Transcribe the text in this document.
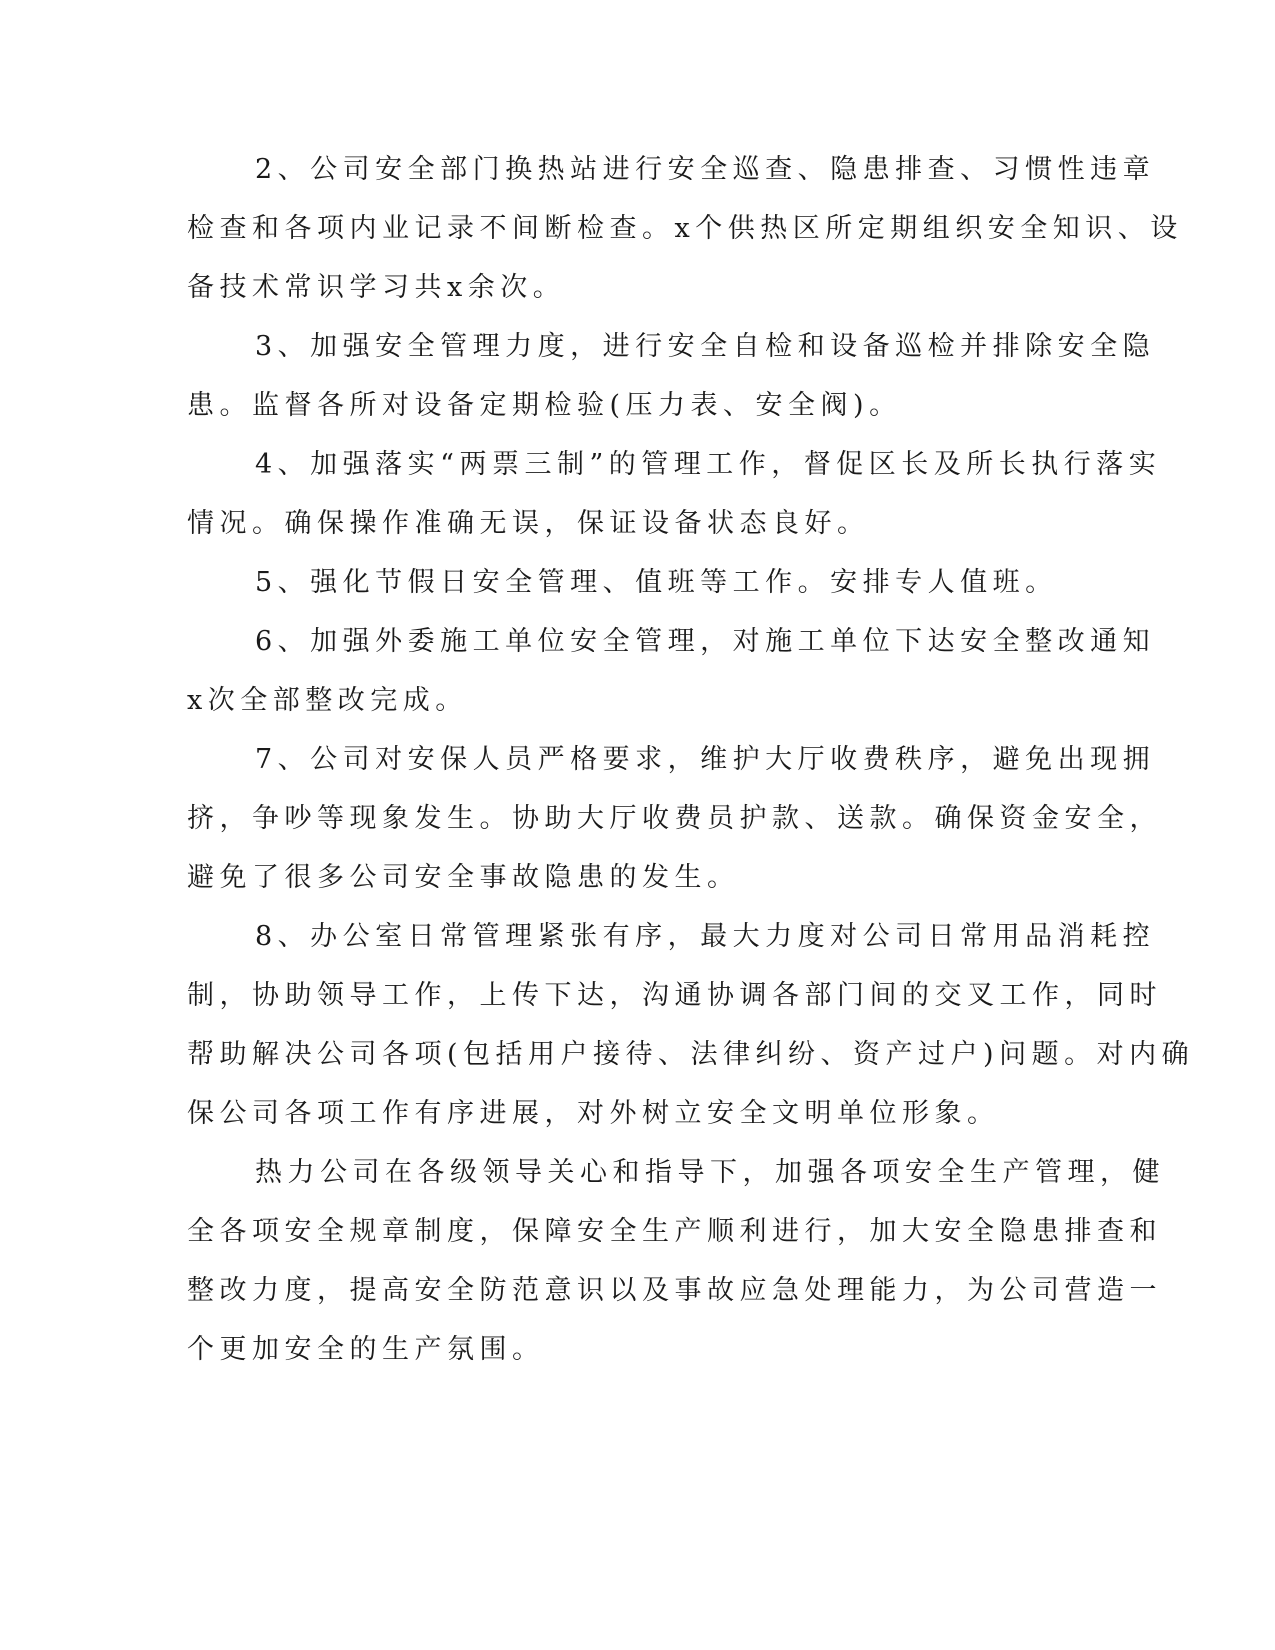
2、公司安全部门换热站进行安全巡查、隐患排查、习惯性违章
检查和各项内业记录不间断检查。x个供热区所定期组织安全知识、设
备技术常识学习共x余次。
3、加强安全管理力度，进行安全自检和设备巡检并排除安全隐
患。监督各所对设备定期检验(压力表、安全阀)。
4、加强落实“两票三制”的管理工作，督促区长及所长执行落实
情况。确保操作准确无误，保证设备状态良好。
5、强化节假日安全管理、值班等工作。安排专人值班。
6、加强外委施工单位安全管理，对施工单位下达安全整改通知
x次全部整改完成。
7、公司对安保人员严格要求，维护大厅收费秩序，避免出现拥
挤，争吵等现象发生。协助大厅收费员护款、送款。确保资金安全，
避免了很多公司安全事故隐患的发生。
8、办公室日常管理紧张有序，最大力度对公司日常用品消耗控
制，协助领导工作，上传下达，沟通协调各部门间的交叉工作，同时
帮助解决公司各项(包括用户接待、法律纠纷、资产过户)问题。对内确
保公司各项工作有序进展，对外树立安全文明单位形象。
热力公司在各级领导关心和指导下，加强各项安全生产管理，健
全各项安全规章制度，保障安全生产顺利进行，加大安全隐患排查和
整改力度，提高安全防范意识以及事故应急处理能力，为公司营造一
个更加安全的生产氛围。
